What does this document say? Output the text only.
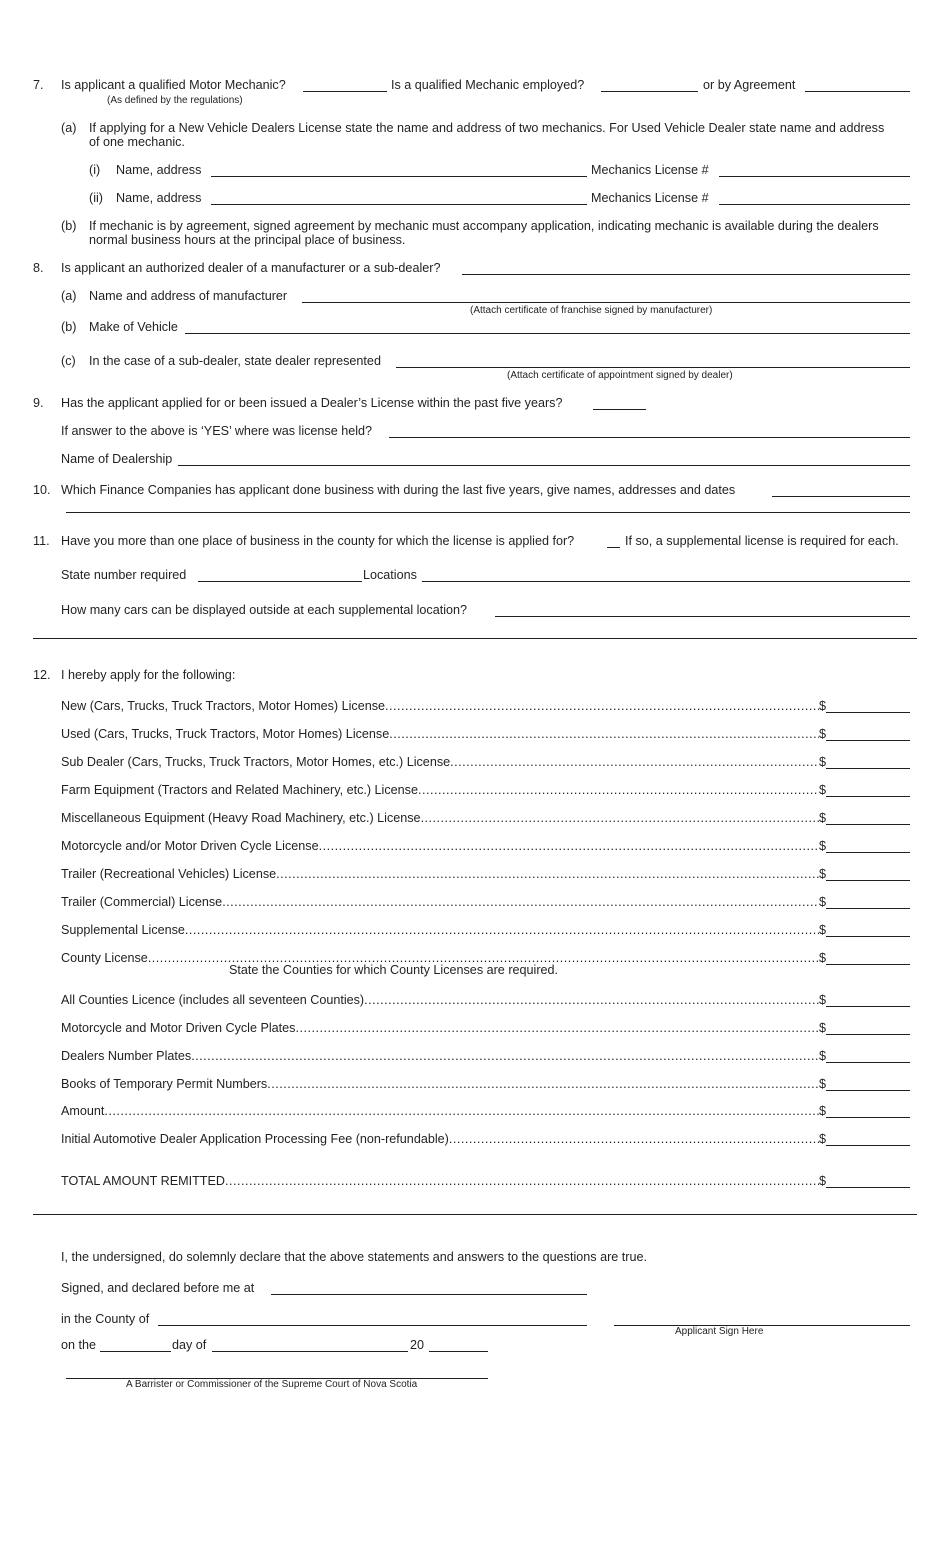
7. Is applicant a qualified Motor Mechanic?	Is a qualified Mechanic employed?	or by Agreement
(As defined by the regulations)
(a) If applying for a New Vehicle Dealers License state the name and address of two mechanics. For Used Vehicle Dealer state name and address
of one mechanic.
(i) Name, address	Mechanics License #
(ii) Name, address	Mechanics License #
(b) If mechanic is by agreement, signed agreement by mechanic must accompany application, indicating mechanic is available during the dealers
normal business hours at the principal place of business.
8. Is applicant an authorized dealer of a manufacturer or a sub-dealer?
(a) Name and address of manufacturer
(Attach certificate of franchise signed by manufacturer)
(b) Make of Vehicle
(c) In the case of a sub-dealer, state dealer represented
(Attach certificate of appointment signed by dealer)
9. Has the applicant applied for or been issued a Dealer’s License within the past five years?
If answer to the above is ‘YES’ where was license held?
Name of Dealership
10. Which Finance Companies has applicant done business with during the last five years, give names, addresses and dates
11. Have you more than one place of business in the county for which the license is applied for?	If so, a supplemental license is required for each.
State number required	Locations
How many cars can be displayed outside at each supplemental location?
12. I hereby apply for the following:
New (Cars, Trucks, Truck Tractors, Motor Homes) License .....	$
Used (Cars, Trucks, Truck Tractors, Motor Homes) License .....	$
Sub Dealer (Cars, Trucks, Truck Tractors, Motor Homes, etc.) License .....	$
Farm Equipment (Tractors and Related Machinery, etc.) License .....	$
Miscellaneous Equipment (Heavy Road Machinery, etc.) License .....	$
Motorcycle and/or Motor Driven Cycle License .....	$
Trailer (Recreational Vehicles) License .....	$
Trailer (Commercial) License .....	$
Supplemental License .....	$
County License .....	$
All Counties Licence (includes all seventeen Counties) .....	$
Motorcycle and Motor Driven Cycle Plates .....	$
Dealers Number Plates .....	$
Books of Temporary Permit Numbers .....	$
Amount .....	$
Initial Automotive Dealer Application Processing Fee (non-refundable) .....	$
TOTAL AMOUNT REMITTED .....	$
State the Counties for which County Licenses are required.
I, the undersigned, do solemnly declare that the above statements and answers to the questions are true.
Signed, and declared before me at
in the County of
Applicant Sign Here
on the	day of	20
A Barrister or Commissioner of the Supreme Court of Nova Scotia
